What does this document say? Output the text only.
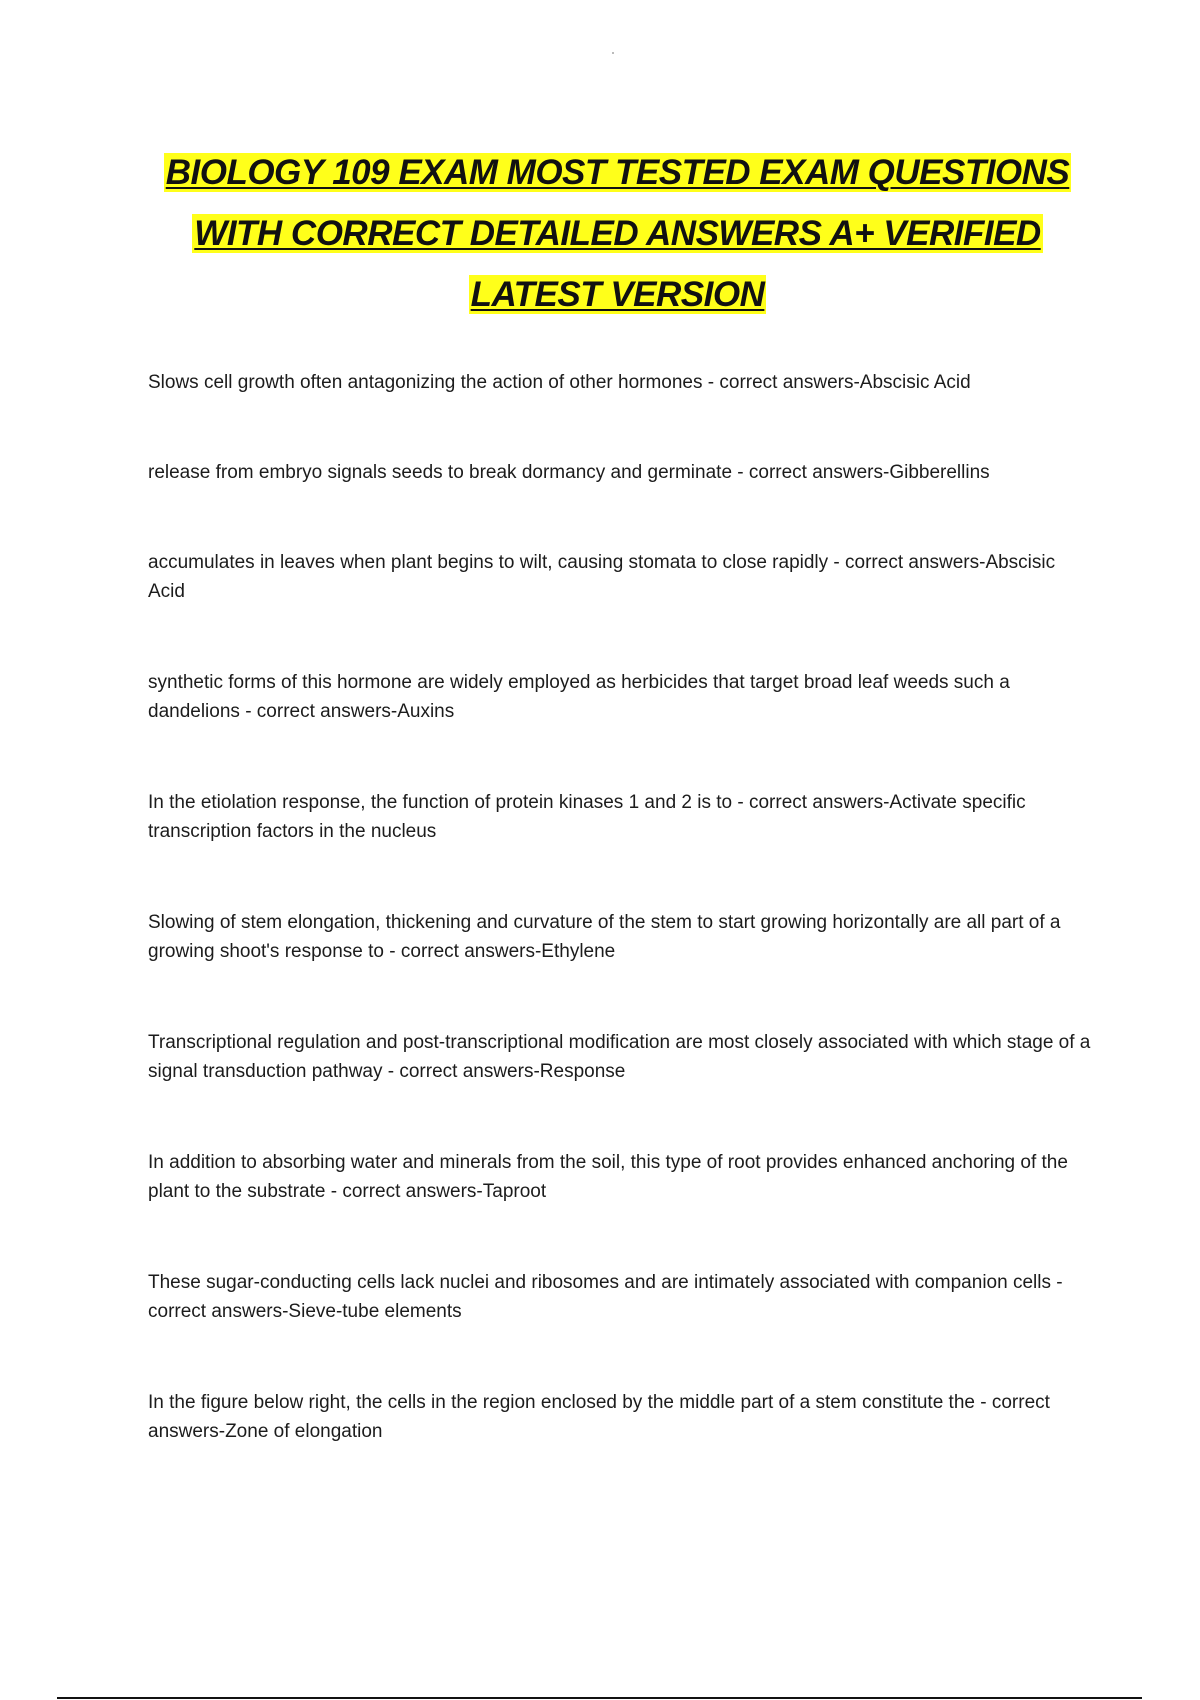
BIOLOGY 109 EXAM MOST TESTED EXAM QUESTIONS

WITH CORRECT DETAILED ANSWERS A+ VERIFIED

LATEST VERSION

Slows cell growth often antagonizing the action of other hormones - correct answers-Abscisic Acid
release from embryo signals seeds to break dormancy and germinate - correct answers-Gibberellins
accumulates in leaves when plant begins to wilt, causing stomata to close rapidly - correct answers-Abscisic Acid
synthetic forms of this hormone are widely employed as herbicides that target broad leaf weeds such a dandelions - correct answers-Auxins
In the etiolation response, the function of protein kinases 1 and 2 is to - correct answers-Activate specific transcription factors in the nucleus
Slowing of stem elongation, thickening and curvature of the stem to start growing horizontally are all part of a growing shoot's response to - correct answers-Ethylene
Transcriptional regulation and post-transcriptional modification are most closely associated with which stage of a signal transduction pathway - correct answers-Response
In addition to absorbing water and minerals from the soil, this type of root provides enhanced anchoring of the plant to the substrate - correct answers-Taproot
These sugar-conducting cells lack nuclei and ribosomes and are intimately associated with companion cells - correct answers-Sieve-tube elements
In the figure below right, the cells in the region enclosed by the middle part of a stem constitute the - correct answers-Zone of elongation
